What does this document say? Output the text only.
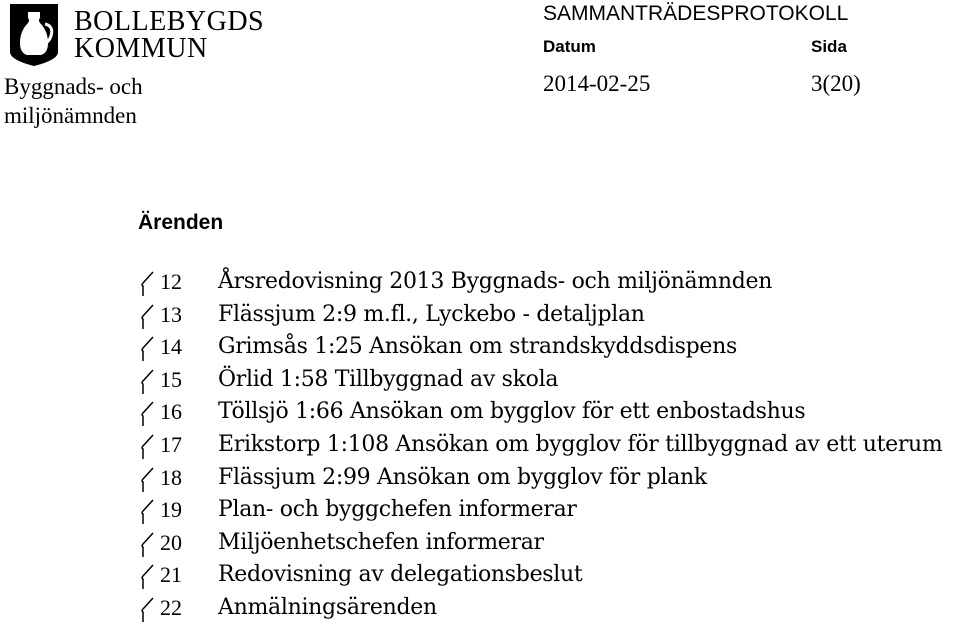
BOLLEBYGDS
KOMMUN
Byggnads- och miljönämnden
SAMMANTRÄDESPROTOKOLL
Datum	Sida
2014-02-25	3(20)
Ärenden
12 Årsredovisning 2013 Byggnads- och miljönämnden
13 Flässjum 2:9 m.fl., Lyckebo - detaljplan
14 Grimsås 1:25 Ansökan om strandskyddsdispens
15 Örlid 1:58 Tillbyggnad av skola
16 Töllsjö 1:66 Ansökan om bygglov för ett enbostadshus
17 Erikstorp 1:108 Ansökan om bygglov för tillbyggnad av ett uterum
18 Flässjum 2:99 Ansökan om bygglov för plank
19 Plan- och byggchefen informerar
20 Miljöenhetschefen informerar
21 Redovisning av delegationsbeslut
22 Anmälningsärenden
